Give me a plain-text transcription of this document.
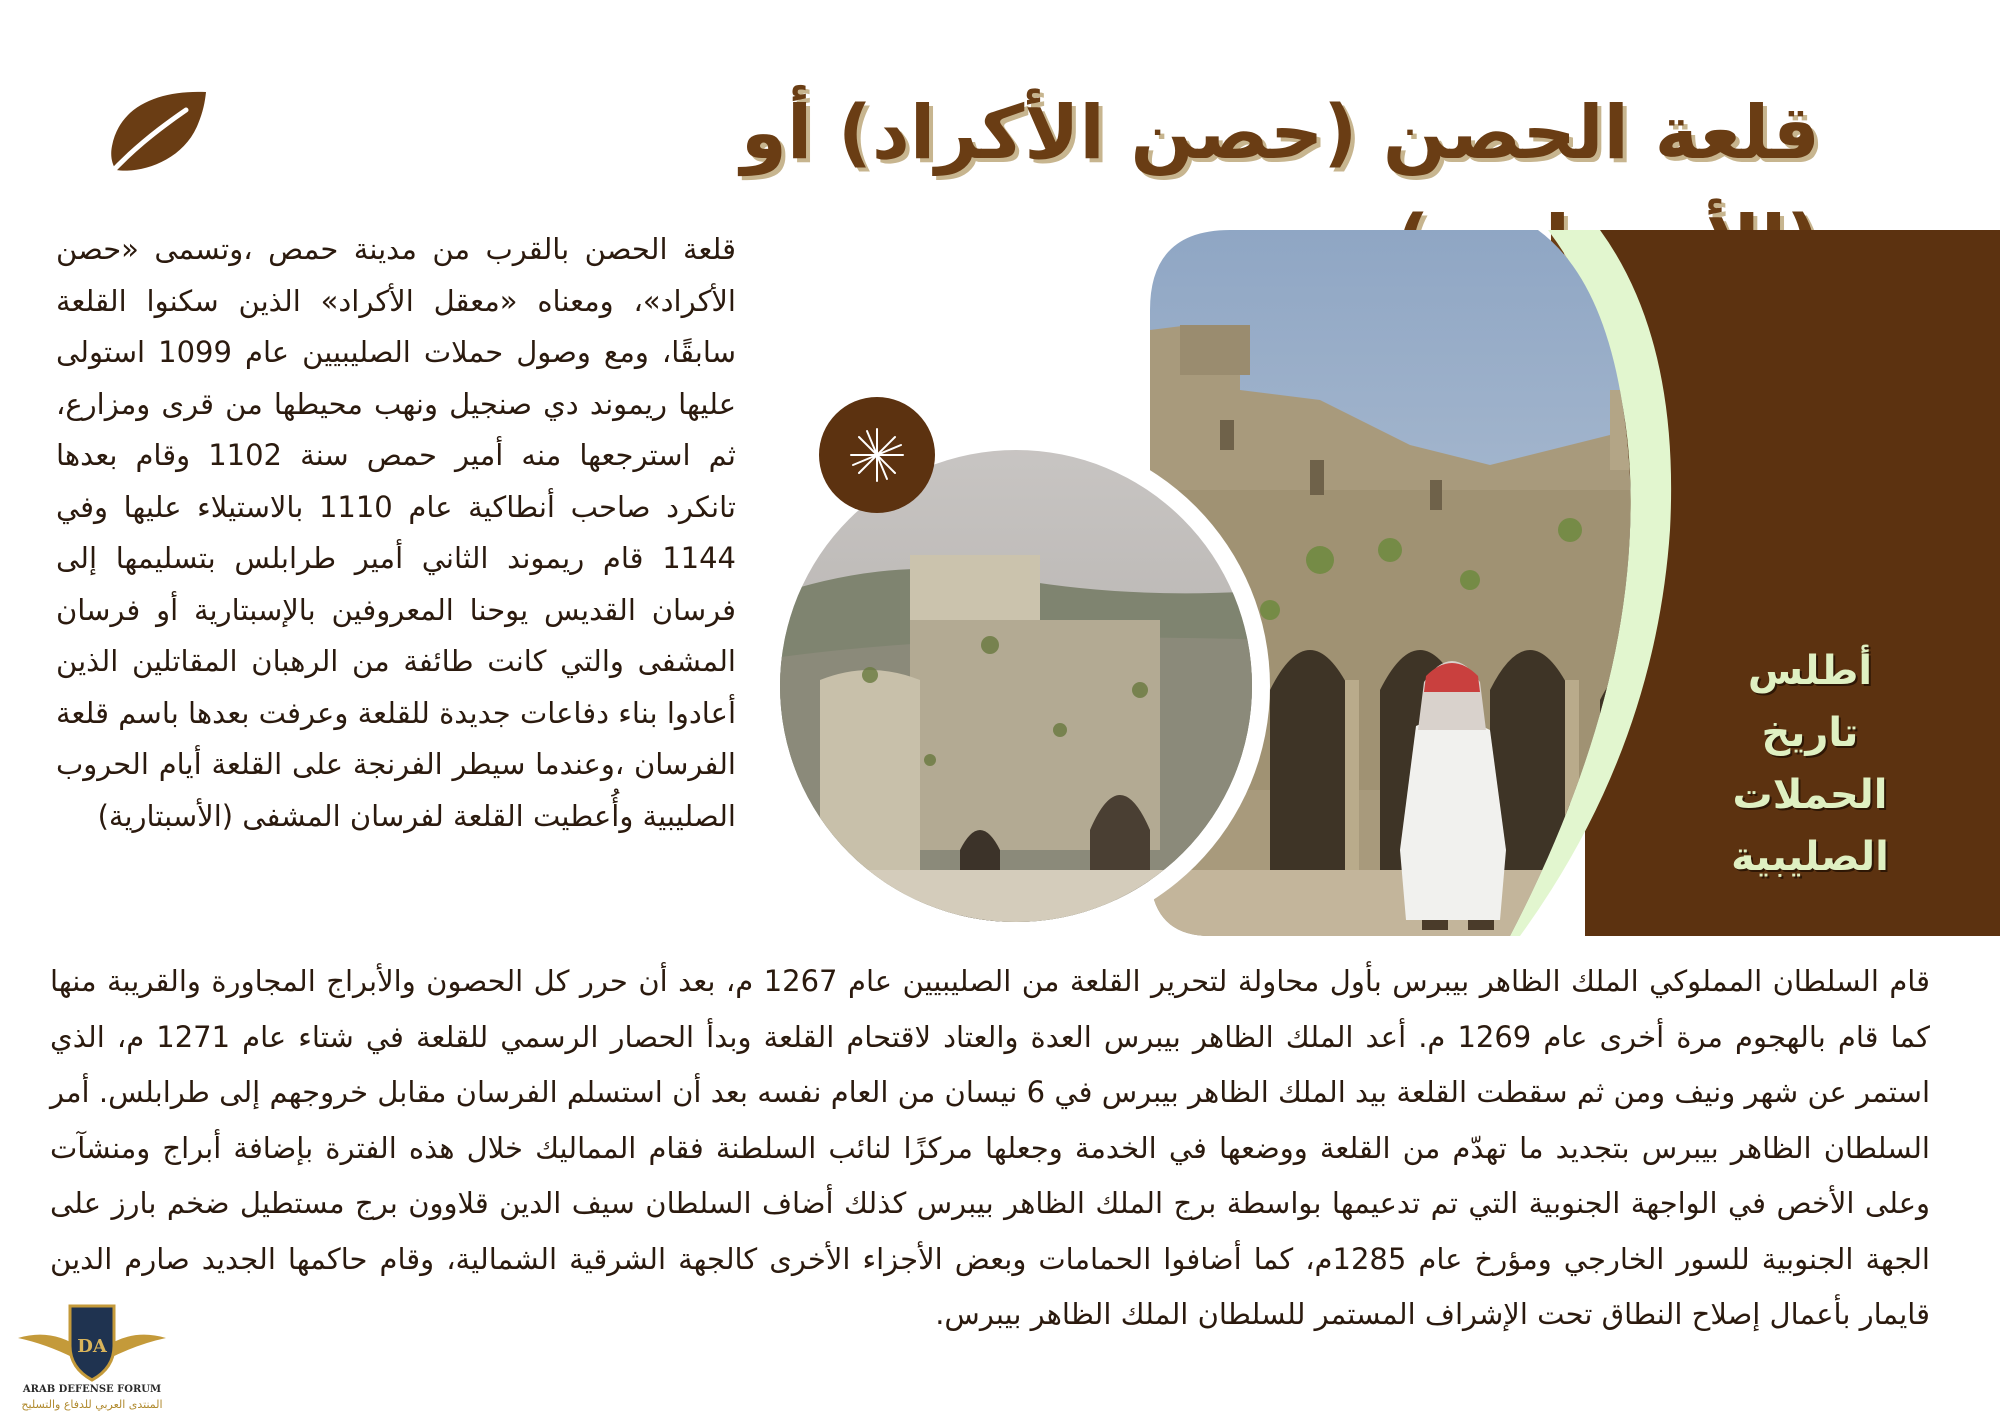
قلعة الحصن (حصن الأكراد) أو

قلعة الحصن بالقرب من مدينة حمص ،وتسمى «حصن الأكراد»، ومعناه «معقل الأكراد» الذين سكنوا القلعة سابقًا، ومع وصول حملات الصليبيين عام 1099 استولى عليها ريموند دي صنجيل ونهب محيطها من قرى ومزارع، ثم استرجعها منه أمير حمص سنة 1102 وقام بعدها تانكرد صاحب أنطاكية عام 1110 بالاستيلاء عليها وفي 1144 قام ريموند الثاني أمير طرابلس بتسليمها إلى فرسان القديس يوحنا المعروفين بالإسبتارية أو فرسان المشفى والتي كانت طائفة من الرهبان المقاتلين الذين أعادوا بناء دفاعات جديدة للقلعة وعرفت بعدها باسم قلعة الفرسان ،وعندما سيطر الفرنجة على القلعة أيام الحروب الصليبية وأُعطيت القلعة لفرسان المشفى (الأسبتارية)

أطلس
تاريخ
الحملات
الصليبية

قام السلطان المملوكي الملك الظاهر بيبرس بأول محاولة لتحرير القلعة من الصليبيين عام 1267 م، بعد أن حرر كل الحصون والأبراج المجاورة والقريبة منها كما قام بالهجوم مرة أخرى عام 1269 م. أعد الملك الظاهر بيبرس العدة والعتاد لاقتحام القلعة وبدأ الحصار الرسمي للقلعة في شتاء عام 1271 م، الذي استمر عن شهر ونيف ومن ثم سقطت القلعة بيد الملك الظاهر بيبرس في 6 نيسان من العام نفسه بعد أن استسلم الفرسان مقابل خروجهم إلى طرابلس. أمر السلطان الظاهر بيبرس بتجديد ما تهدّم من القلعة ووضعها في الخدمة وجعلها مركزًا لنائب السلطنة فقام المماليك خلال هذه الفترة بإضافة أبراج ومنشآت وعلى الأخص في الواجهة الجنوبية التي تم تدعيمها بواسطة برج الملك الظاهر بيبرس كذلك أضاف السلطان سيف الدين قلاوون برج مستطيل ضخم بارز على الجهة الجنوبية للسور الخارجي ومؤرخ عام 1285م، كما أضافوا الحمامات وبعض الأجزاء الأخرى كالجهة الشرقية الشمالية، وقام حاكمها الجديد صارم الدين قايمار بأعمال إصلاح النطاق تحت الإشراف المستمر للسلطان الملك الظاهر بيبرس.

DA
ARAB DEFENSE FORUM
المنتدى العربي للدفاع والتسليح
